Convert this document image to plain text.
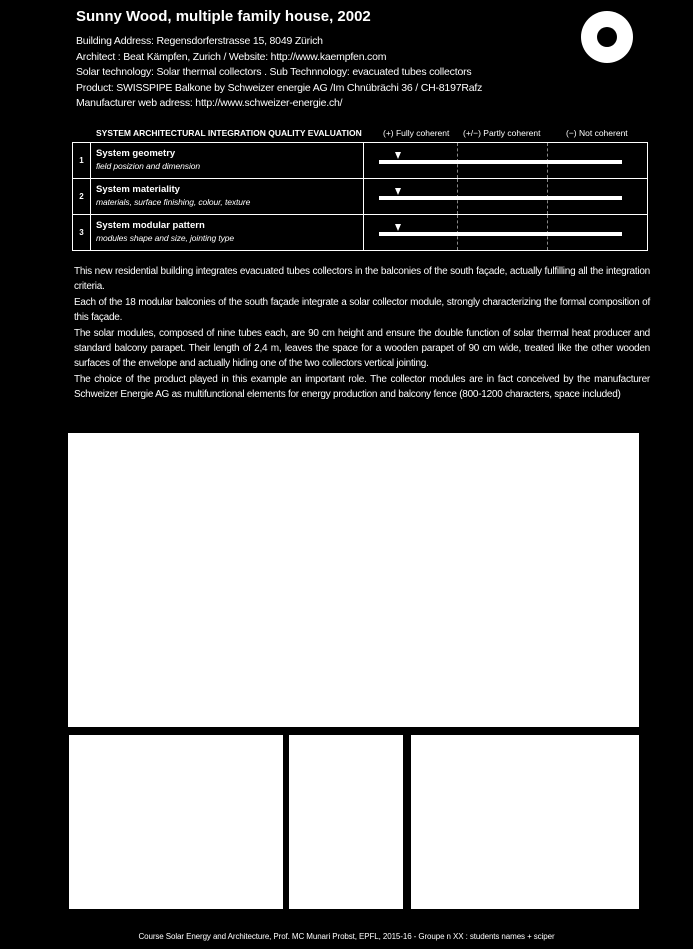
Sunny Wood, multiple family house, 2002
Building Address: Regensdorferstrasse 15, 8049 Zürich
Architect : Beat Kämpfen, Zurich / Website: http://www.kaempfen.com
Solar technology: Solar thermal collectors . Sub Technnology: evacuated tubes collectors
Product: SWISSPIPE Balkone by Schweizer energie AG /Im Chnübrächi 36 / CH-8197Rafz
Manufacturer web adress: http://www.schweizer-energie.ch/
SYSTEM ARCHITECTURAL INTEGRATION QUALITY EVALUATION	(+) Fully coherent (+/−) Partly coherent	(−) Not coherent
1
System geometry
field posizion and dimension
2
System materiality
materials, surface finishing, colour, texture
3
System modular pattern
modules shape and size, jointing type

This new residential building integrates evacuated tubes collectors in the balconies of the south façade, actually fulfilling all the integration criteria.

Each of the 18 modular balconies of the south façade integrate a solar collector module, strongly characterizing the formal composition of this façade.

The solar modules, composed of nine tubes each, are 90 cm height and ensure the double function of solar thermal heat producer and standard balcony parapet. Their length of 2,4 m, leaves the space for a wooden parapet of 90 cm wide, treated like the other wooden surfaces of the envelope and actually hiding one of the two collectors vertical jointing.

The choice of the product played in this example an important role. The collector modules are in fact conceived by the manufacturer Schweizer Energie AG as multifunctional elements for energy production and balcony fence (800-1200 characters, space included)

Course Solar Energy and Architecture, Prof. MC Munari Probst, EPFL, 2015-16 - Groupe n XX : students names + sciper
